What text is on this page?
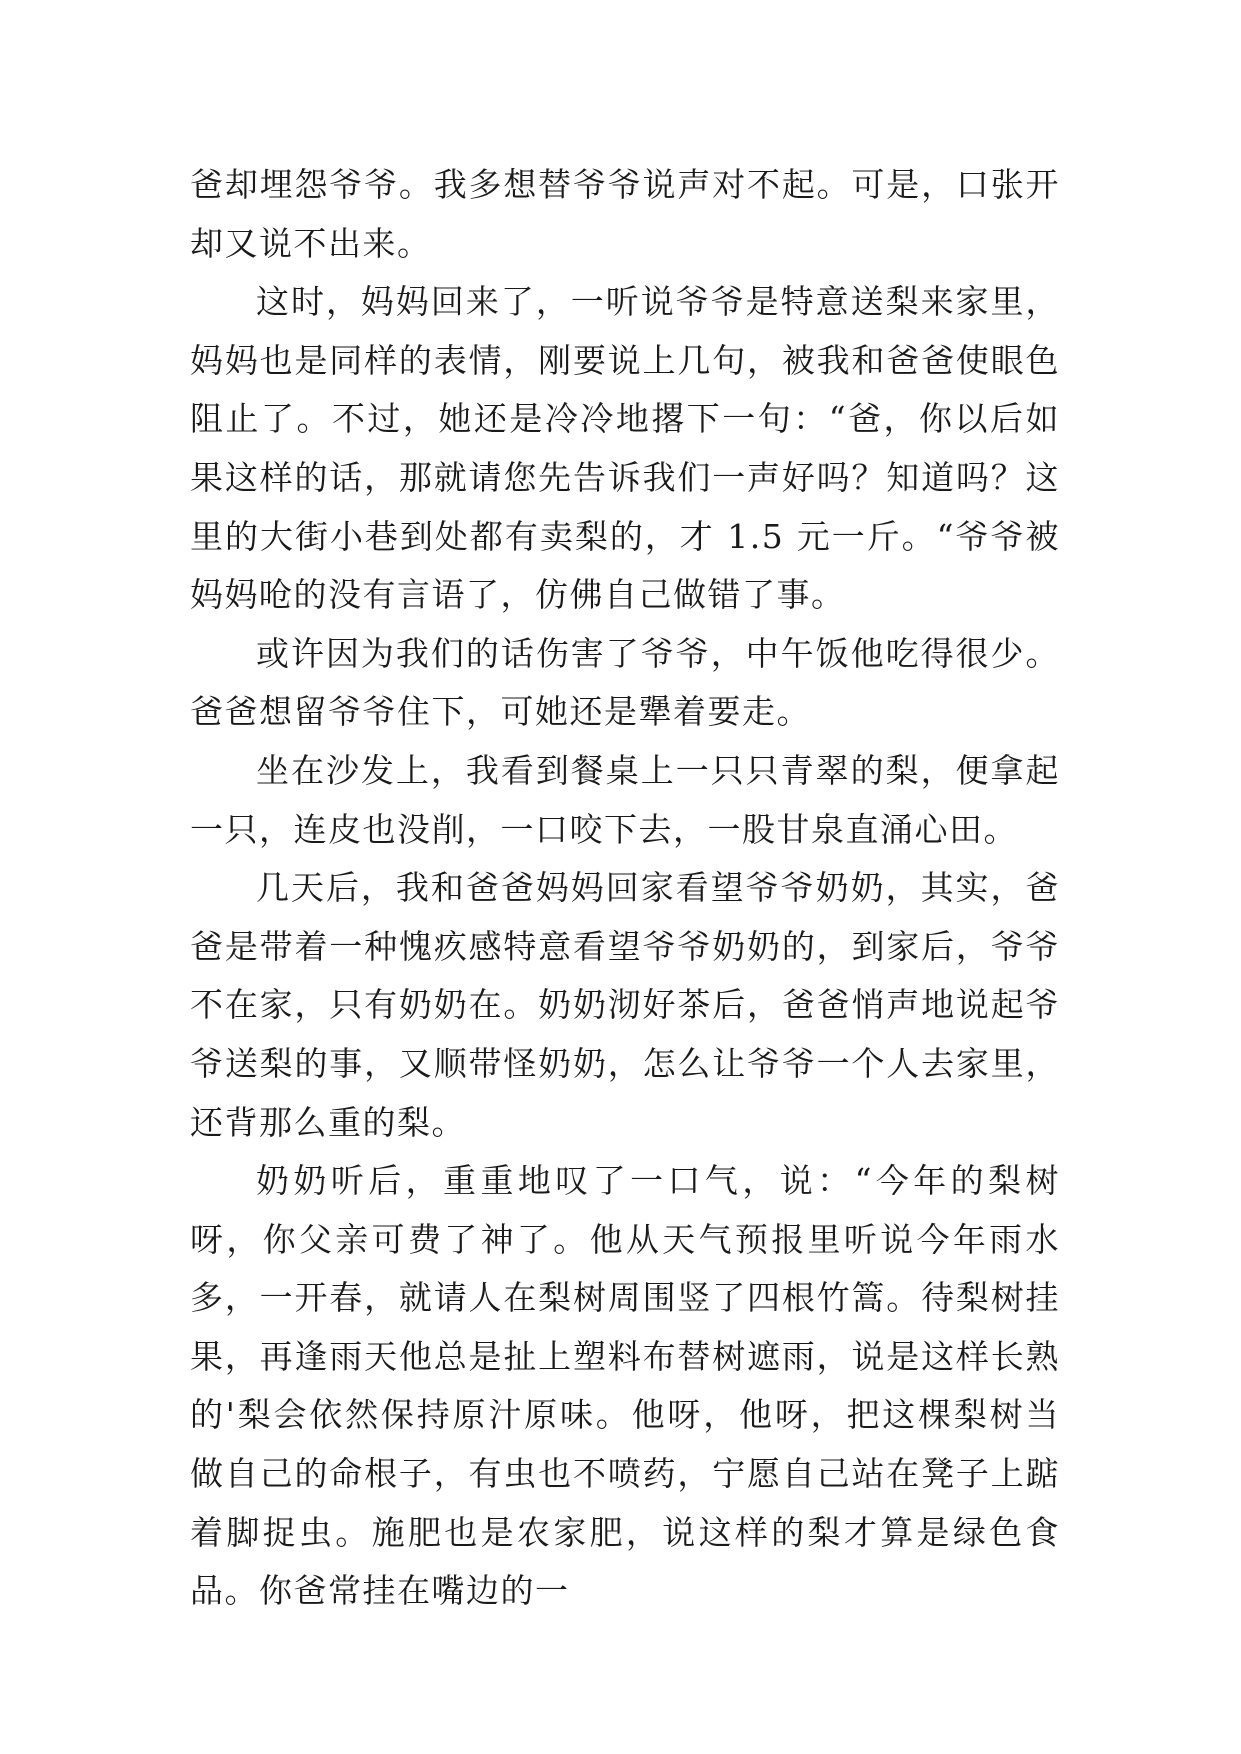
爸却埋怨爷爷。我多想替爷爷说声对不起。可是，口张开却又说不出来。

这时，妈妈回来了，一听说爷爷是特意送梨来家里，妈妈也是同样的表情，刚要说上几句，被我和爸爸使眼色阻止了。不过，她还是冷冷地撂下一句：“爸，你以后如果这样的话，那就请您先告诉我们一声好吗？知道吗？这里的大街小巷到处都有卖梨的，才 1.5 元一斤。“爷爷被妈妈呛的没有言语了，仿佛自己做错了事。

或许因为我们的话伤害了爷爷，中午饭他吃得很少。爸爸想留爷爷住下，可她还是犟着要走。

坐在沙发上，我看到餐桌上一只只青翠的梨，便拿起一只，连皮也没削，一口咬下去，一股甘泉直涌心田。

几天后，我和爸爸妈妈回家看望爷爷奶奶，其实，爸爸是带着一种愧疚感特意看望爷爷奶奶的，到家后，爷爷不在家，只有奶奶在。奶奶沏好茶后，爸爸悄声地说起爷爷送梨的事，又顺带怪奶奶，怎么让爷爷一个人去家里，还背那么重的梨。

奶奶听后，重重地叹了一口气，说：“今年的梨树呀，你父亲可费了神了。他从天气预报里听说今年雨水多，一开春，就请人在梨树周围竖了四根竹篙。待梨树挂果，再逢雨天他总是扯上塑料布替树遮雨，说是这样长熟的'梨会依然保持原汁原味。他呀，他呀，把这棵梨树当做自己的命根子，有虫也不喷药，宁愿自己站在凳子上踮着脚捉虫。施肥也是农家肥，说这样的梨才算是绿色食品。你爸常挂在嘴边的一
